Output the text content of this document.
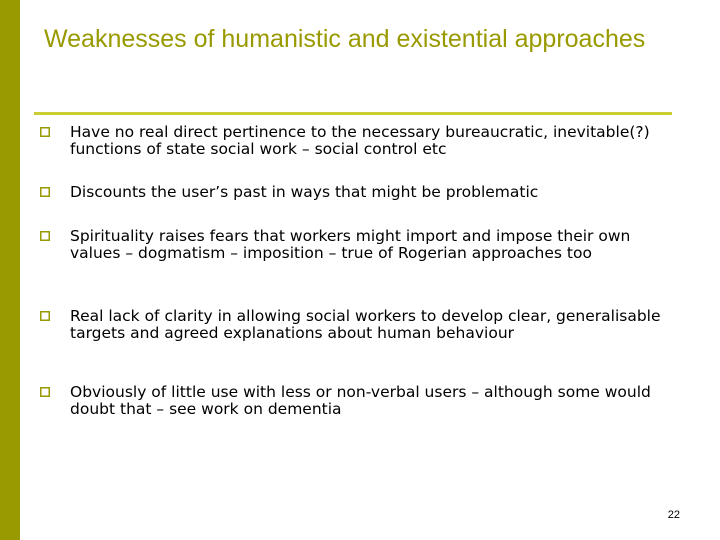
Weaknesses of humanistic and existential approaches
Have no real direct pertinence to the necessary bureaucratic, inevitable(?) functions of state social work – social control etc
Discounts the user’s past in ways that might be problematic
Spirituality raises fears that workers might import and impose their own values – dogmatism – imposition – true of Rogerian approaches too
Real lack of clarity in allowing social workers to develop clear, generalisable targets and agreed explanations about human behaviour
Obviously of little use with less or non-verbal users – although some would doubt that – see work on dementia
22
